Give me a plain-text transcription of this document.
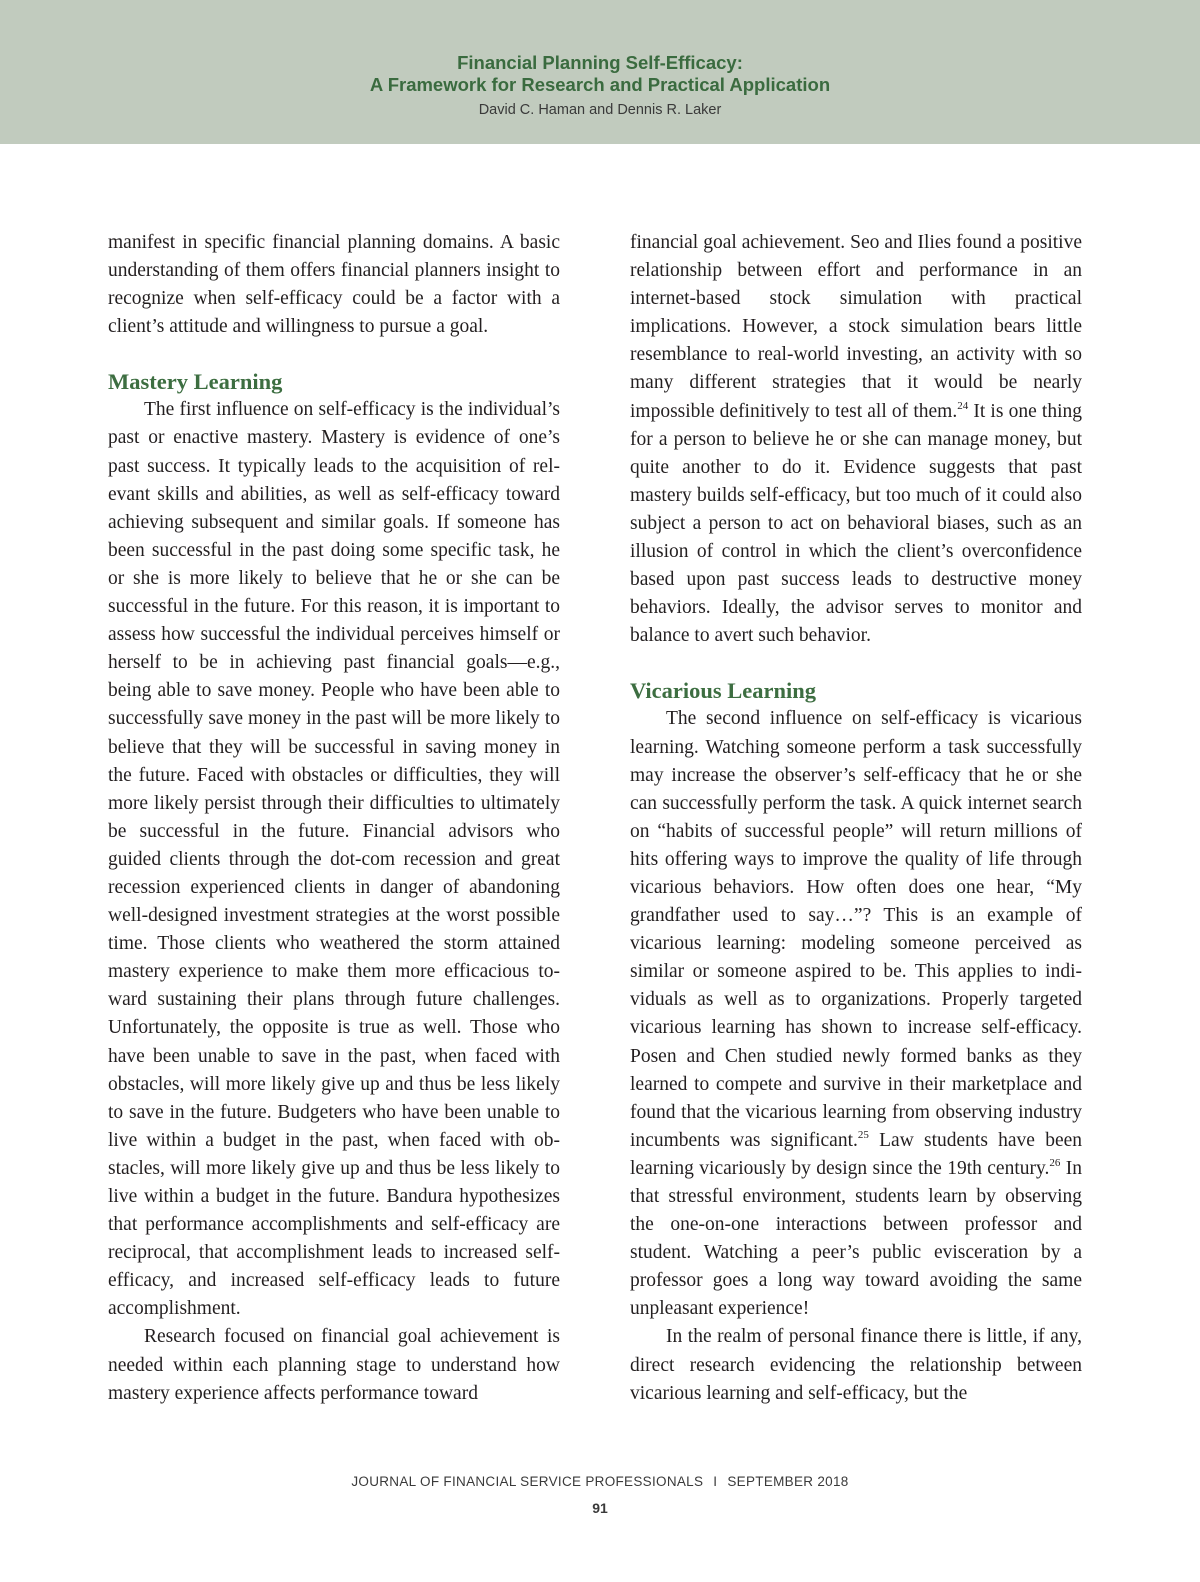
Financial Planning Self-Efficacy:
A Framework for Research and Practical Application
David C. Haman and Dennis R. Laker

manifest in specific financial planning domains. A basic understanding of them offers financial planners insight to recognize when self-efficacy could be a factor with a client’s attitude and willingness to pursue a goal.

Mastery Learning

The first influence on self-efficacy is the individual’s past or enactive mastery. Mastery is evidence of one’s past success. It typically leads to the acquisition of relevant skills and abilities, as well as self-efficacy toward achieving subsequent and similar goals. If someone has been successful in the past doing some specific task, he or she is more likely to believe that he or she can be successful in the future. For this reason, it is important to assess how successful the individual perceives himself or herself to be in achieving past financial goals—e.g., being able to save money. People who have been able to successfully save money in the past will be more likely to believe that they will be successful in saving money in the future. Faced with obstacles or difficulties, they will more likely persist through their difficulties to ultimately be successful in the future. Financial advisors who guided clients through the dot-com recession and great recession experienced clients in danger of abandoning well-designed investment strategies at the worst possible time. Those clients who weathered the storm attained mastery experience to make them more efficacious toward sustaining their plans through future challenges. Unfortunately, the opposite is true as well. Those who have been unable to save in the past, when faced with obstacles, will more likely give up and thus be less likely to save in the future. Budgeters who have been unable to live within a budget in the past, when faced with obstacles, will more likely give up and thus be less likely to live within a budget in the future. Bandura hypothesizes that performance accomplishments and self-efficacy are reciprocal, that accomplishment leads to increased self-efficacy, and increased self-efficacy leads to future accomplishment.

Research focused on financial goal achievement is needed within each planning stage to understand how mastery experience affects performance toward

financial goal achievement. Seo and Ilies found a positive relationship between effort and performance in an internet-based stock simulation with practical implications. However, a stock simulation bears little resemblance to real-world investing, an activity with so many different strategies that it would be nearly impossible definitively to test all of them.$^{24}$ It is one thing for a person to believe he or she can manage money, but quite another to do it. Evidence suggests that past mastery builds self-efficacy, but too much of it could also subject a person to act on behavioral biases, such as an illusion of control in which the client’s overconfidence based upon past success leads to destructive money behaviors. Ideally, the advisor serves to monitor and balance to avert such behavior.

Vicarious Learning

The second influence on self-efficacy is vicarious learning. Watching someone perform a task successfully may increase the observer’s self-efficacy that he or she can successfully perform the task. A quick internet search on “habits of successful people” will return millions of hits offering ways to improve the quality of life through vicarious behaviors. How often does one hear, “My grandfather used to say…”? This is an example of vicarious learning: modeling someone perceived as similar or someone aspired to be. This applies to individuals as well as to organizations. Properly targeted vicarious learning has shown to increase self-efficacy. Posen and Chen studied newly formed banks as they learned to compete and survive in their marketplace and found that the vicarious learning from observing industry incumbents was significant.$^{25}$ Law students have been learning vicariously by design since the 19th century.$^{26}$ In that stressful environment, students learn by observing the one-on-one interactions between professor and student. Watching a peer’s public evisceration by a professor goes a long way toward avoiding the same unpleasant experience!

In the realm of personal finance there is little, if any, direct research evidencing the relationship between vicarious learning and self-efficacy, but the

JOURNAL OF FINANCIAL SERVICE PROFESSIONALS I SEPTEMBER 2018
91
